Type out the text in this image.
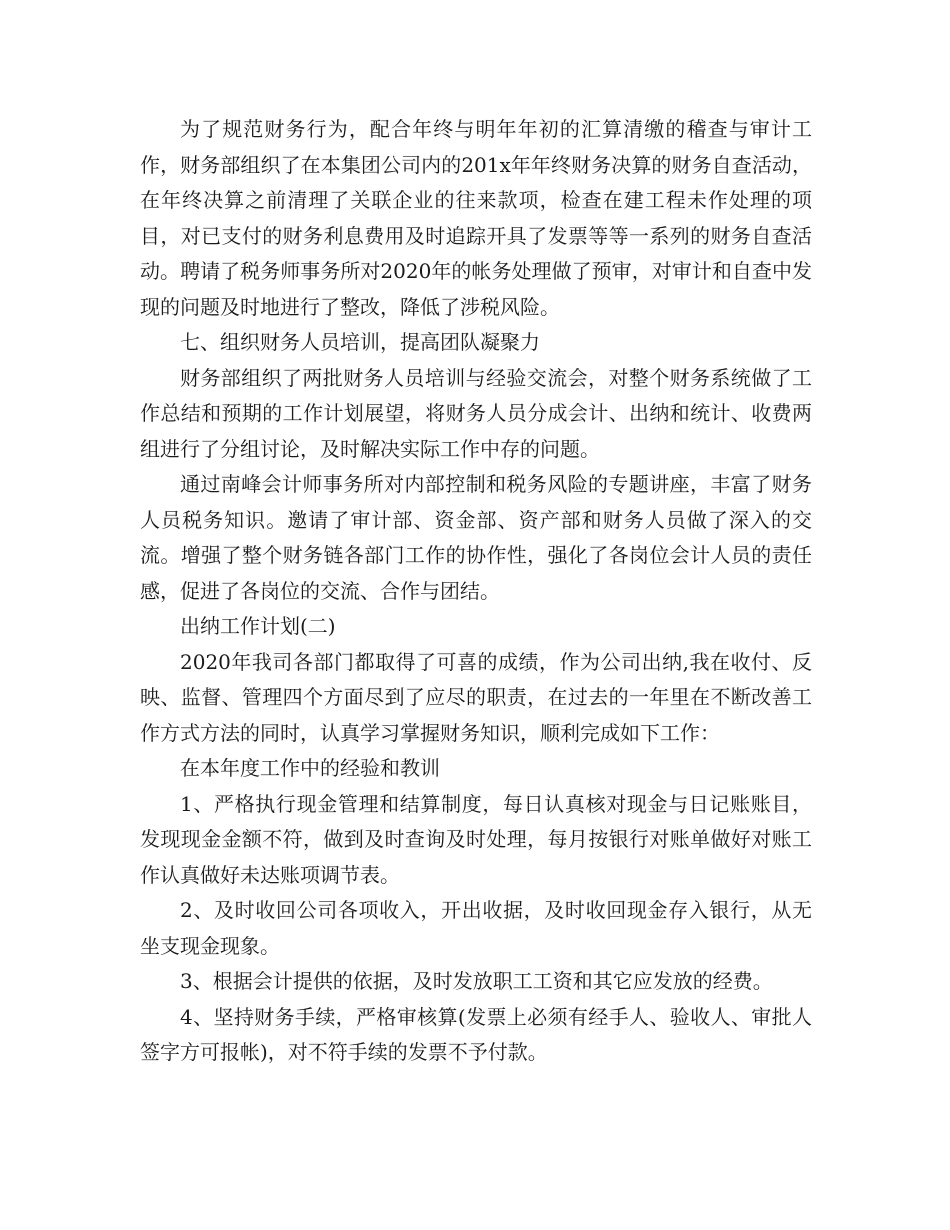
为了规范财务行为，配合年终与明年年初的汇算清缴的稽查与审计工作，财务部组织了在本集团公司内的201x年年终财务决算的财务自查活动，在年终决算之前清理了关联企业的往来款项，检查在建工程未作处理的项目，对已支付的财务利息费用及时追踪开具了发票等等一系列的财务自查活动。聘请了税务师事务所对2020年的帐务处理做了预审，对审计和自查中发现的问题及时地进行了整改，降低了涉税风险。

七、组织财务人员培训，提高团队凝聚力

财务部组织了两批财务人员培训与经验交流会，对整个财务系统做了工作总结和预期的工作计划展望，将财务人员分成会计、出纳和统计、收费两组进行了分组讨论，及时解决实际工作中存的问题。

通过南峰会计师事务所对内部控制和税务风险的专题讲座，丰富了财务人员税务知识。邀请了审计部、资金部、资产部和财务人员做了深入的交流。增强了整个财务链各部门工作的协作性，强化了各岗位会计人员的责任感，促进了各岗位的交流、合作与团结。

出纳工作计划(二)

2020年我司各部门都取得了可喜的成绩，作为公司出纳,我在收付、反映、监督、管理四个方面尽到了应尽的职责，在过去的一年里在不断改善工作方式方法的同时，认真学习掌握财务知识，顺利完成如下工作：

在本年度工作中的经验和教训

1、严格执行现金管理和结算制度，每日认真核对现金与日记账账目，发现现金金额不符，做到及时查询及时处理，每月按银行对账单做好对账工作认真做好未达账项调节表。

2、及时收回公司各项收入，开出收据，及时收回现金存入银行，从无坐支现金现象。

3、根据会计提供的依据，及时发放职工工资和其它应发放的经费。

4、坚持财务手续，严格审核算(发票上必须有经手人、验收人、审批人签字方可报帐)，对不符手续的发票不予付款。
